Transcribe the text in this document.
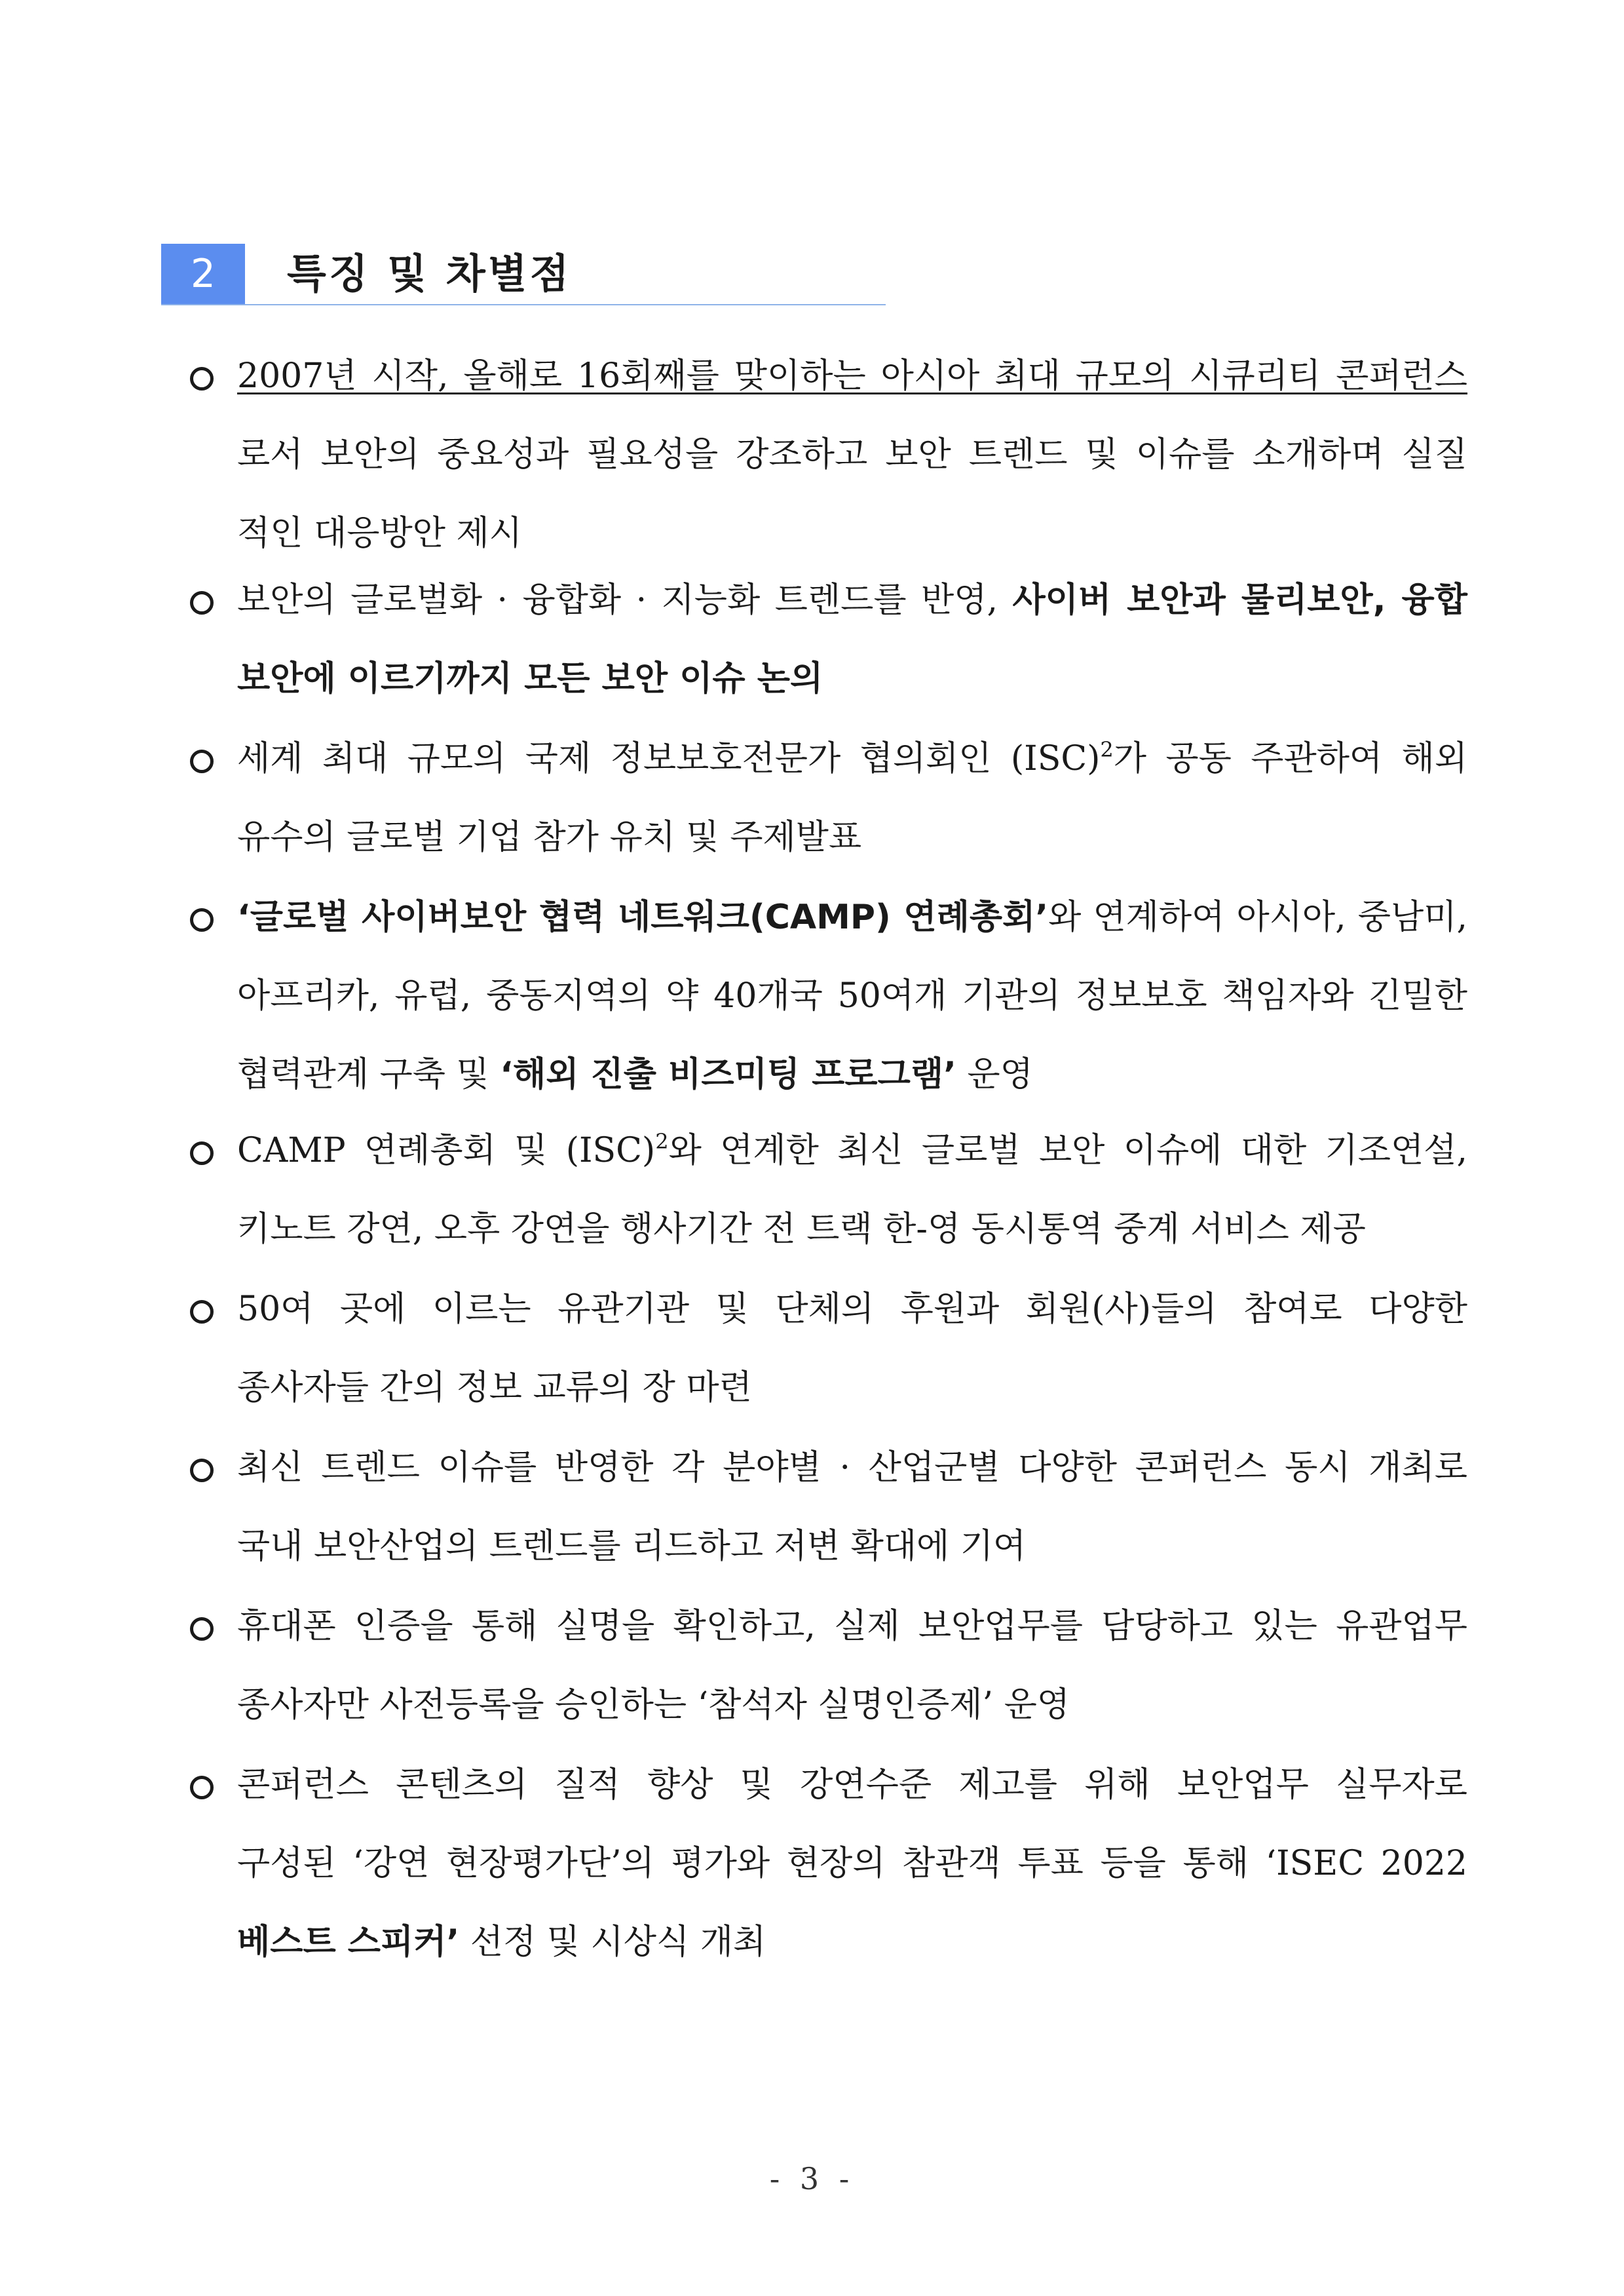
2	특징 및 차별점
2007년 시작, 올해로 16회째를 맞이하는 아시아 최대 규모의 시큐리티 콘퍼런스
로서 보안의 중요성과 필요성을 강조하고 보안 트렌드 및 이슈를 소개하며 실질
적인 대응방안 제시
보안의 글로벌화 · 융합화 · 지능화 트렌드를 반영, 사이버 보안과 물리보안, 융합
보안에 이르기까지 모든 보안 이슈 논의
세계 최대 규모의 국제 정보보호전문가 협의회인 (ISC)$^2$가 공동 주관하여 해외
유수의 글로벌 기업 참가 유치 및 주제발표
‘글로벌 사이버보안 협력 네트워크(CAMP) 연례총회’와 연계하여 아시아, 중남미,
아프리카, 유럽, 중동지역의 약 40개국 50여개 기관의 정보보호 책임자와 긴밀한
협력관계 구축 및 ‘해외 진출 비즈미팅 프로그램’ 운영
CAMP 연례총회 및 (ISC)$^2$와 연계한 최신 글로벌 보안 이슈에 대한 기조연설,
키노트 강연, 오후 강연을 행사기간 전 트랙 한-영 동시통역 중계 서비스 제공
50여 곳에 이르는 유관기관 및 단체의 후원과 회원(사)들의 참여로 다양한
종사자들 간의 정보 교류의 장 마련
최신 트렌드 이슈를 반영한 각 분야별 · 산업군별 다양한 콘퍼런스 동시 개최로
국내 보안산업의 트렌드를 리드하고 저변 확대에 기여
휴대폰 인증을 통해 실명을 확인하고, 실제 보안업무를 담당하고 있는 유관업무
종사자만 사전등록을 승인하는 ‘참석자 실명인증제’ 운영
콘퍼런스 콘텐츠의 질적 향상 및 강연수준 제고를 위해 보안업무 실무자로
구성된 ‘강연 현장평가단’의 평가와 현장의 참관객 투표 등을 통해 ‘ISEC 2022
베스트 스피커’ 선정 및 시상식 개최
- 3 -
